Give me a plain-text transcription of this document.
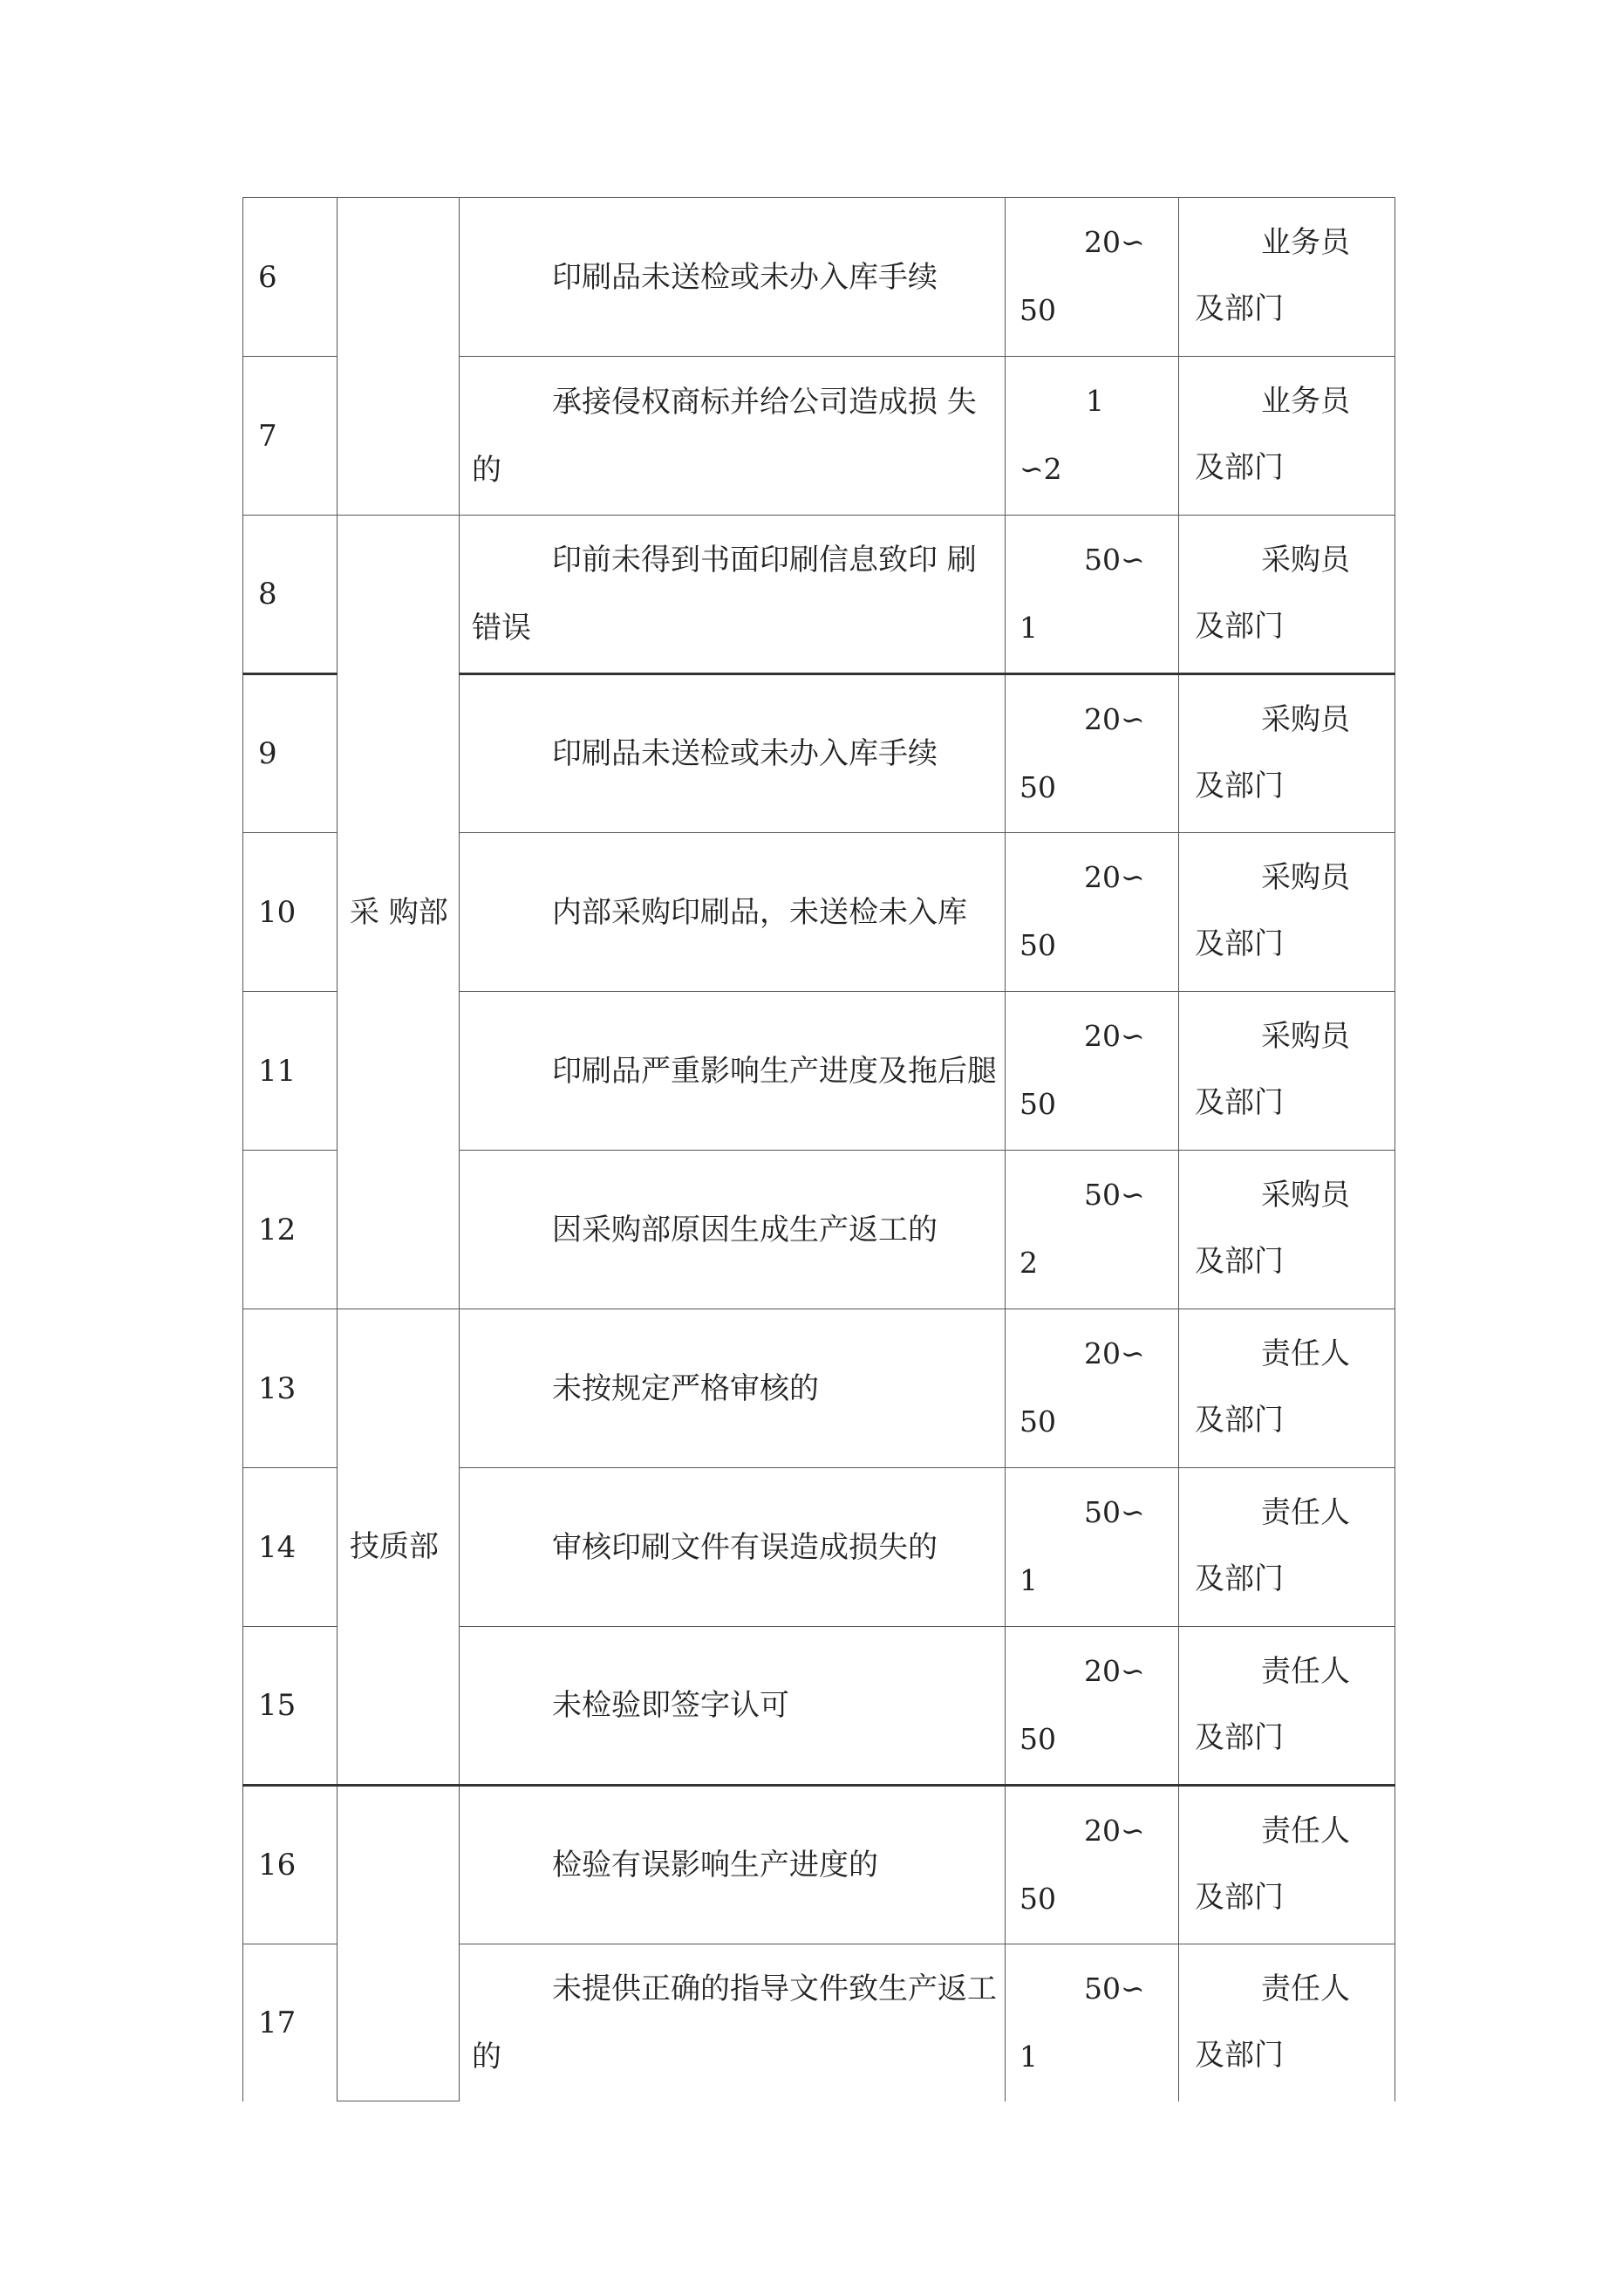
6		印刷品未送检或未办入库手续	20∽
50	业务员
及部门

7		承接侵权商标并给公司造成损 失的	1
∽2	业务员
及部门

8	采 购部	印前未得到书面印刷信息致印 刷错误	50∽
1	采购员
及部门

9		印刷品未送检或未办入库手续	20∽
50	采购员
及部门

10		内部采购印刷品，未送检未入库	20∽
50	采购员
及部门

11		印刷品严重影响生产进度及拖后腿	20∽
50	采购员
及部门

12		因采购部原因生成生产返工的	50∽
2	采购员
及部门

13	技质部	未按规定严格审核的	20∽
50	责任人
及部门

14		审核印刷文件有误造成损失的	50∽
1	责任人
及部门

15		未检验即签字认可	20∽
50	责任人
及部门

16		检验有误影响生产进度的	20∽
50	责任人
及部门

17		未提供正确的指导文件致生产返工的	50∽
1	责任人
及部门
